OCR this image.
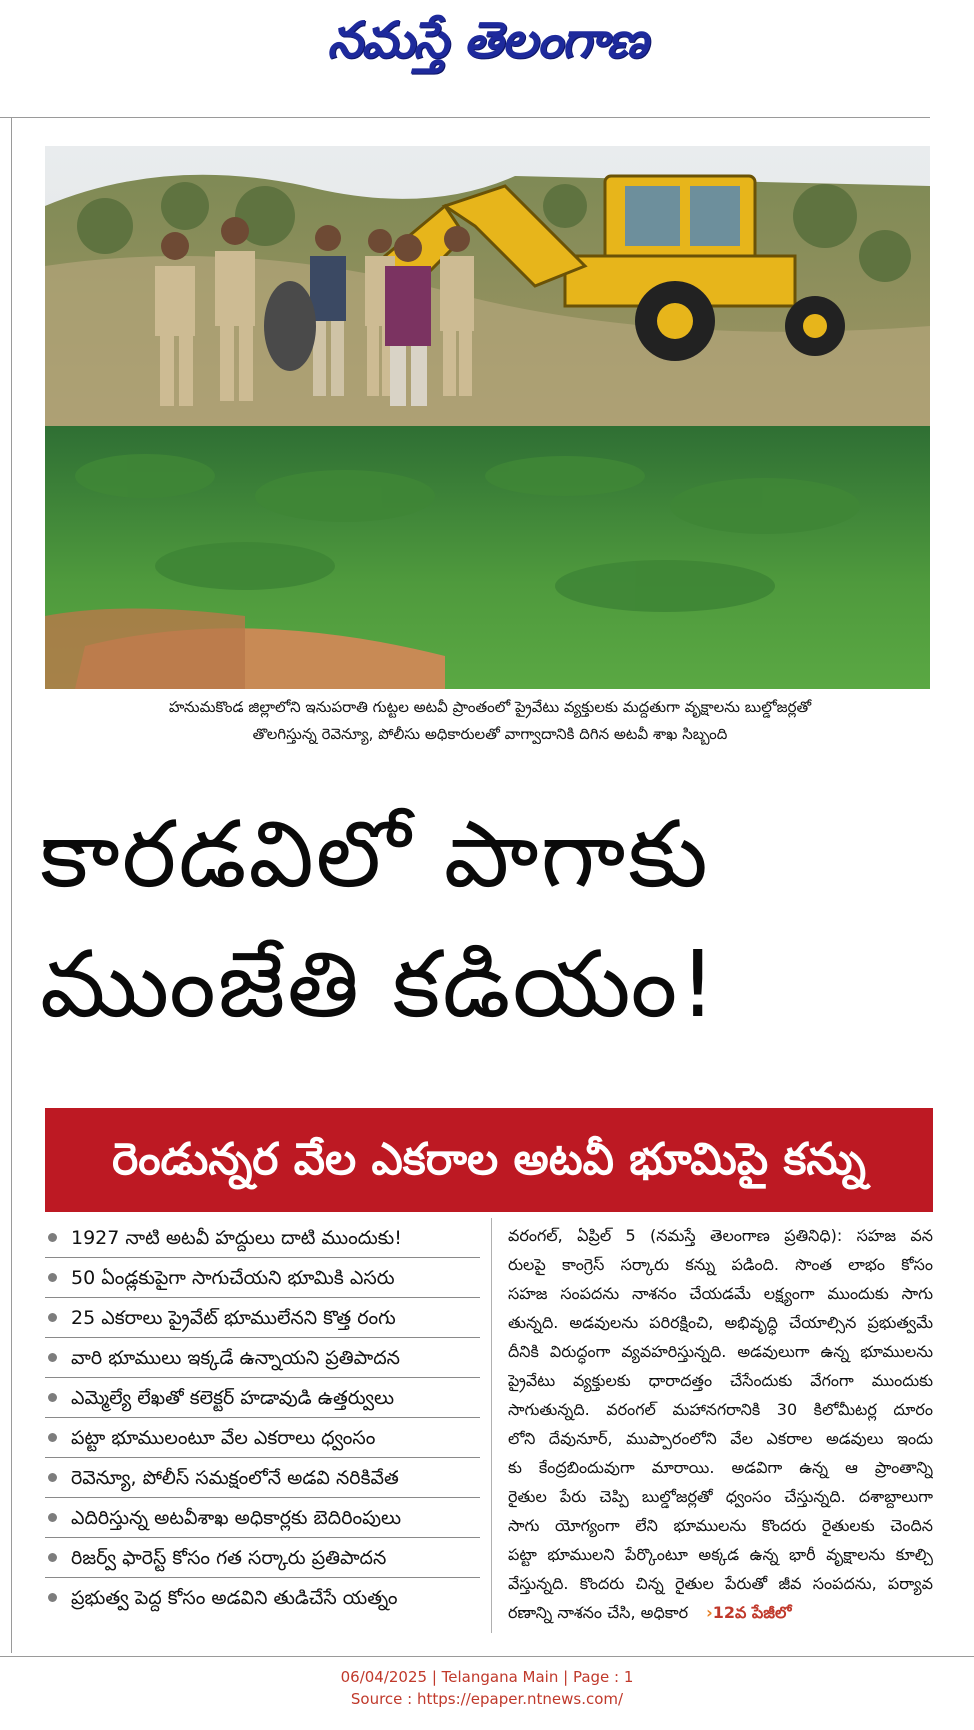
నమస్తే తెలంగాణ
హనుమకొండ జిల్లాలోని ఇనుపరాతి గుట్టల అటవీ ప్రాంతంలో ప్రైవేటు వ్యక్తులకు మద్దతుగా వృక్షాలను బుల్డోజర్లతో
తొలగిస్తున్న రెవెన్యూ, పోలీసు అధికారులతో వాగ్వాదానికి దిగిన అటవీ శాఖ సిబ్బంది
కారడవిలో పాగాకు
ముంజేతి కడియం!
రెండున్నర వేల ఎకరాల అటవీ భూమిపై కన్ను
1927 నాటి అటవీ హద్దులు దాటి ముందుకు!
50 ఏండ్లకుపైగా సాగుచేయని భూమికి ఎసరు
25 ఎకరాలు ప్రైవేట్ భూములేనని కొత్త రంగు
వారి భూములు ఇక్కడే ఉన్నాయని ప్రతిపాదన
ఎమ్మెల్యే లేఖతో కలెక్టర్ హడావుడి ఉత్తర్వులు
పట్టా భూములంటూ వేల ఎకరాలు ధ్వంసం
రెవెన్యూ, పోలీస్ సమక్షంలోనే అడవి నరికివేత
ఎదిరిస్తున్న అటవీశాఖ అధికార్లకు బెదిరింపులు
రిజర్వ్ ఫారెస్ట్ కోసం గత సర్కారు ప్రతిపాదన
ప్రభుత్వ పెద్ద కోసం అడవిని తుడిచేసే యత్నం

వరంగల్, ఏప్రిల్ 5 (నమస్తే తెలంగాణ ప్రతినిధి): సహజ వన

రులపై కాంగ్రెస్ సర్కారు కన్ను పడింది. సొంత లాభం కోసం

సహజ సంపదను నాశనం చేయడమే లక్ష్యంగా ముందుకు సాగు

తున్నది. అడవులను పరిరక్షించి, అభివృద్ధి చేయాల్సిన ప్రభుత్వమే

దీనికి విరుద్ధంగా వ్యవహరిస్తున్నది. అడవులుగా ఉన్న భూములను

ప్రైవేటు వ్యక్తులకు ధారాదత్తం చేసేందుకు వేగంగా ముందుకు

సాగుతున్నది. వరంగల్ మహానగరానికి 30 కిలోమీటర్ల దూరం

లోని దేవునూర్, ముప్పారంలోని వేల ఎకరాల అడవులు ఇందు

కు కేంద్రబిందువుగా మారాయి. అడవిగా ఉన్న ఆ ప్రాంతాన్ని

రైతుల పేరు చెప్పి బుల్డోజర్లతో ధ్వంసం చేస్తున్నది. దశాబ్దాలుగా

సాగు యోగ్యంగా లేని భూములను కొందరు రైతులకు చెందిన

పట్టా భూములని పేర్కొంటూ అక్కడ ఉన్న భారీ వృక్షాలను కూల్చి

వేస్తున్నది. కొందరు చిన్న రైతుల పేరుతో జీవ సంపదను, పర్యావ

రణాన్ని నాశనం చేసి, అధికార ›12వ పేజీలో

06/04/2025 | Telangana Main | Page : 1
Source : https://epaper.ntnews.com/
